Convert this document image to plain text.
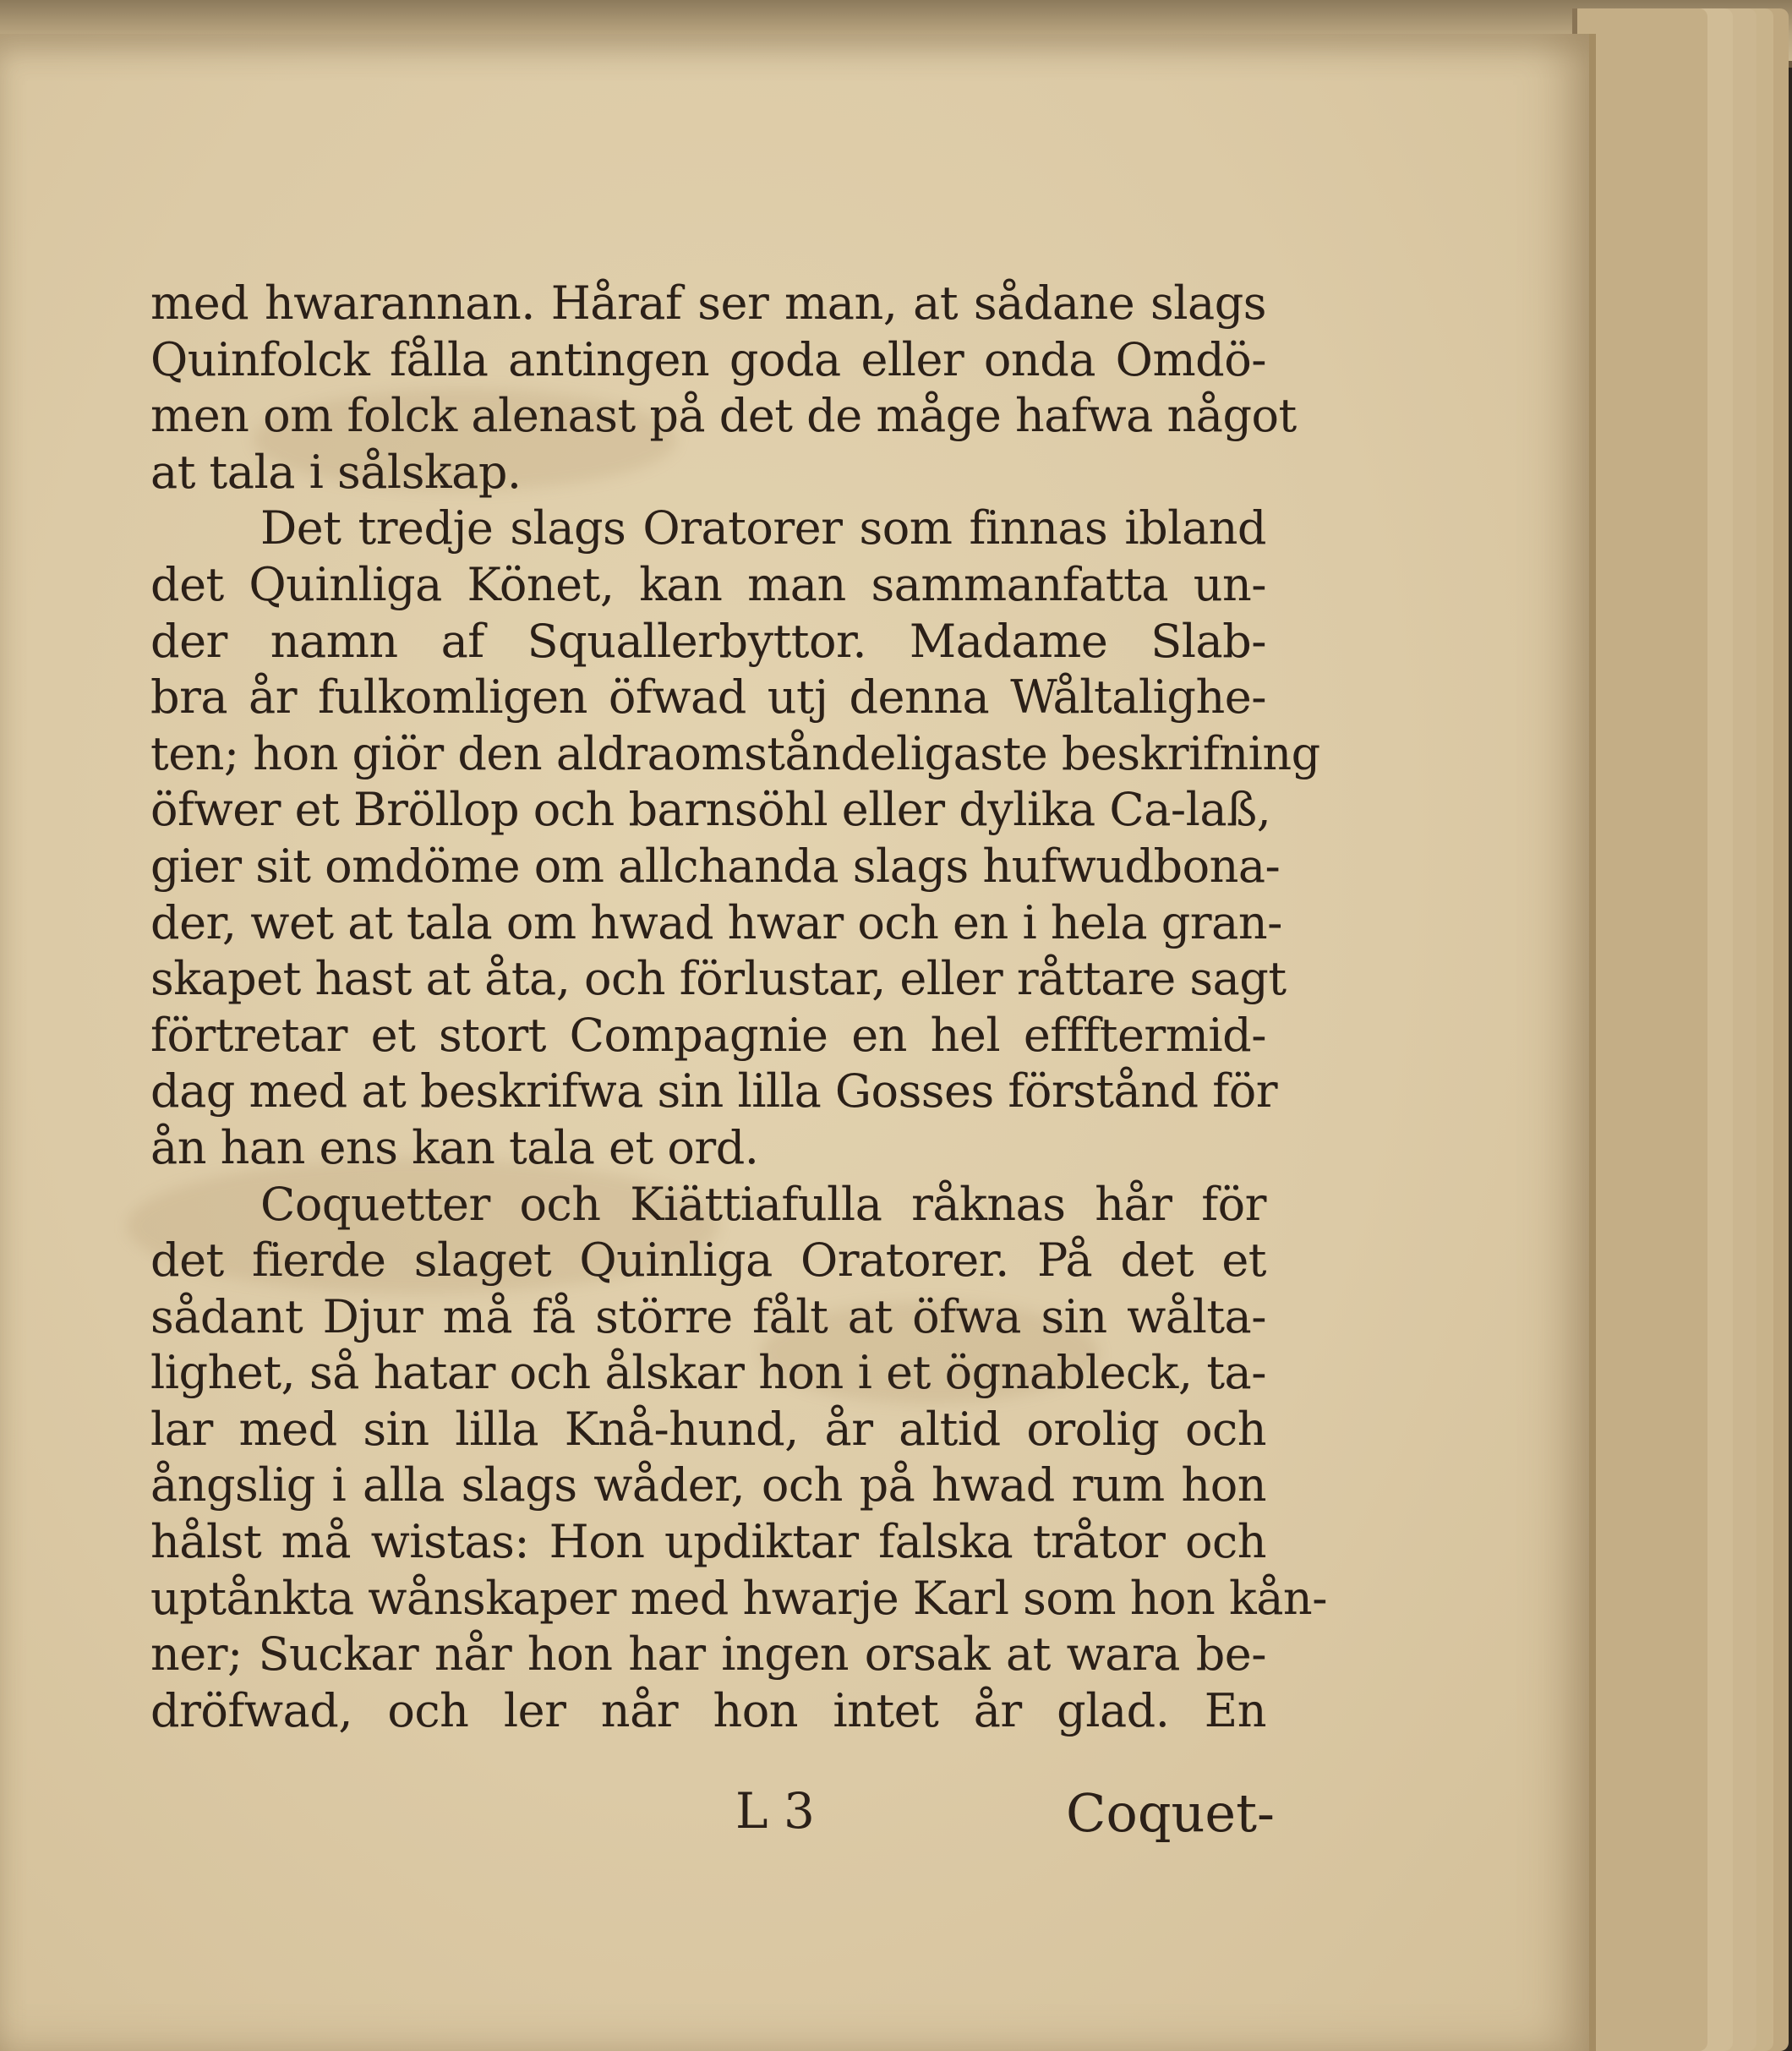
med hwarannan. Håraf ser man, at sådane slags
Quinfolck fålla antingen goda eller onda Omdö-
men om folck alenast på det de måge hafwa något
at tala i sålskap.
Det tredje slags Oratorer som finnas ibland
det Quinliga Könet, kan man sammanfatta un-
der namn af Squallerbyttor. Madame Slab-
bra år fulkomligen öfwad utj denna Wåltalighe-
ten; hon giör den aldraomståndeligaste beskrifning
öfwer et Bröllop och barnsöhl eller dylika Ca-laß,
gier sit omdöme om allchanda slags hufwudbona-
der, wet at tala om hwad hwar och en i hela gran-
skapet hast at åta, och förlustar, eller råttare sagt
förtretar et stort Compagnie en hel effftermid-
dag med at beskrifwa sin lilla Gosses förstånd för
ån han ens kan tala et ord.
Coquetter och Kiättiafulla råknas hår för
det fierde slaget Quinliga Oratorer. På det et
sådant Djur må få större fålt at öfwa sin wålta-
lighet, så hatar och ålskar hon i et ögnableck, ta-
lar med sin lilla Knå-hund, år altid orolig och
ångslig i alla slags wåder, och på hwad rum hon
hålst må wistas: Hon updiktar falska tråtor och
uptånkta wånskaper med hwarje Karl som hon kån-
ner; Suckar når hon har ingen orsak at wara be-
dröfwad, och ler når hon intet år glad. En
L 3	Coquet-
